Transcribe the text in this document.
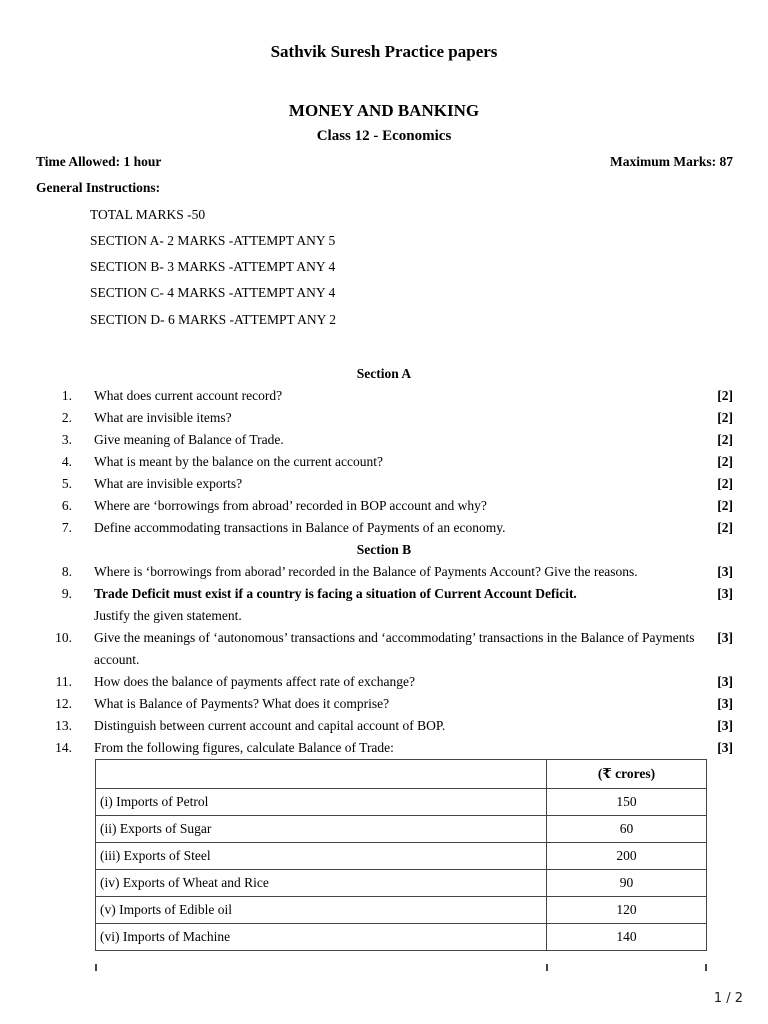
Sathvik Suresh Practice papers
MONEY AND BANKING
Class 12 - Economics
Time Allowed: 1 hour	Maximum Marks: 87
General Instructions:
TOTAL MARKS -50
SECTION A- 2 MARKS -ATTEMPT ANY 5
SECTION B- 3 MARKS -ATTEMPT ANY 4
SECTION C- 4 MARKS -ATTEMPT ANY 4
SECTION D- 6 MARKS -ATTEMPT ANY 2
Section A
1. What does current account record?	[2]
2. What are invisible items?	[2]
3. Give meaning of Balance of Trade.	[2]
4. What is meant by the balance on the current account?	[2]
5. What are invisible exports?	[2]
6. Where are ‘borrowings from abroad’ recorded in BOP account and why?	[2]
7. Define accommodating transactions in Balance of Payments of an economy.	[2]
Section B
8. Where is ‘borrowings from aborad’ recorded in the Balance of Payments Account? Give the reasons.	[3]
9. Trade Deficit must exist if a country is facing a situation of Current Account Deficit.	[3]
Justify the given statement.
10. Give the meanings of ‘autonomous’ transactions and ‘accommodating’ transactions in the Balance of Payments account.
[3]
11. How does the balance of payments affect rate of exchange?	[3]
12. What is Balance of Payments? What does it comprise?	[3]
13. Distinguish between current account and capital account of BOP.	[3]
14. From the following figures, calculate Balance of Trade:	[3]
	(₹ crores)
(i) Imports of Petrol	150
(ii) Exports of Sugar	60
(iii) Exports of Steel	200
(iv) Exports of Wheat and Rice	90
(v) Imports of Edible oil	120
(vi) Imports of Machine	140
1 / 2
